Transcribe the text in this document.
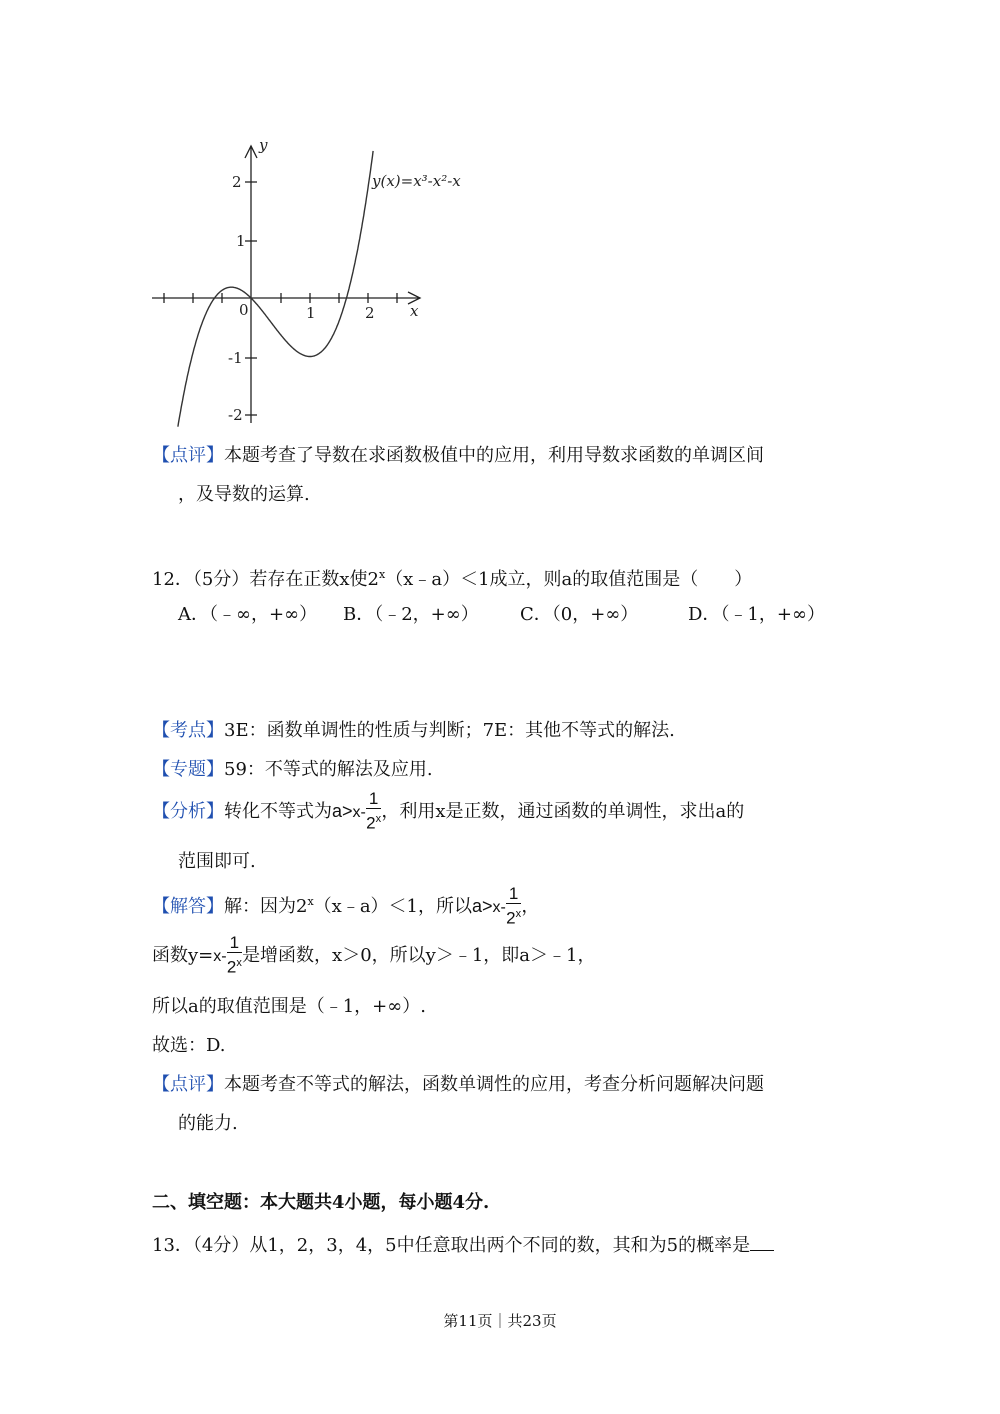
y
x
y(x)=x³-x²-x
2
1
-1
-2
0	1	2
【点评】本题考查了导数在求函数极值中的应用，利用导数求函数的单调区间
，及导数的运算.
12．（5分）若存在正数x使$2^x(x﹣a)<1$成立，则a的取值范围是（　　）
A．（﹣∞，+∞） B．（﹣2，+∞） C．（0，+∞）	D．（﹣1，+∞）
【考点】3E：函数单调性的性质与判断；7E：其他不等式的解法.
【专题】59：不等式的解法及应用.
【分析】转化不等式为$a>x- \frac{1}{2^x}$ ，利用x是正数，通过函数的单调性，求出a的
范围即可.
【解答】解：因为$2^x(x﹣a)<1$，所以$a>x- \frac{1}{2^x}$ ，
函数$y=x- \frac{1}{2^x}$ 是增函数，x＞0，所以y＞﹣1，即a＞﹣1，
所以a的取值范围是（﹣1，+∞）.
故选：D.
【点评】本题考查不等式的解法，函数单调性的应用，考查分析问题解决问题
的能力.
二、填空题：本大题共4小题，每小题4分.
13．（4分）从1，2，3，4，5中任意取出两个不同的数，其和为5的概率是
第11页｜共23页
